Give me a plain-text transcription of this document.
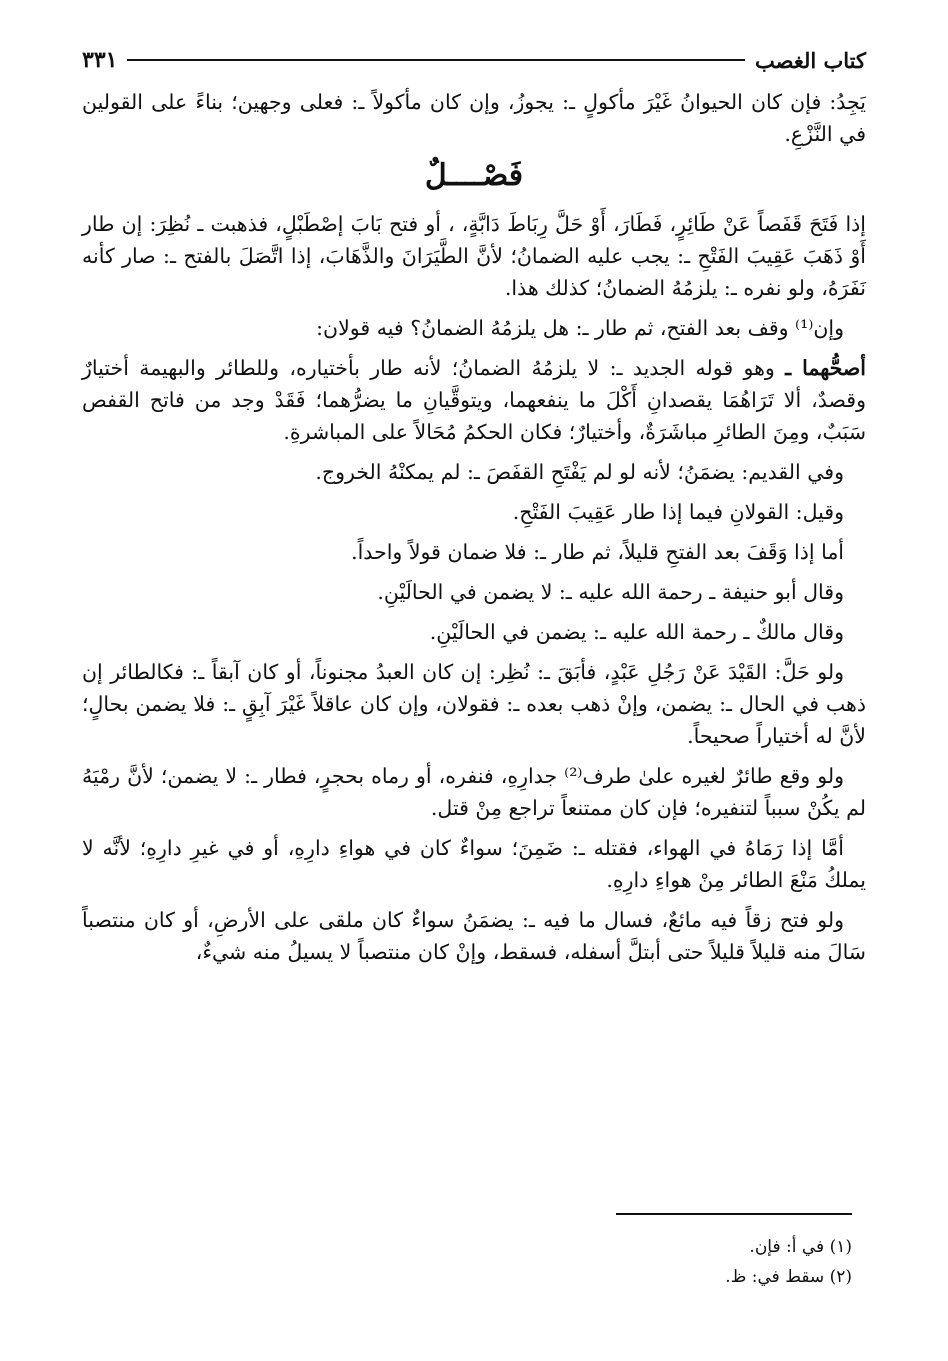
كتاب الغصب
٣٣١

يَجِدُ: فإن كان الحيوانُ غَيْرَ مأكولٍ ـ: يجوزُ، وإن كان مأكولاً ـ: فعلى وجهين؛ بناءً على القولين في النَّزْعِ.

فَصْــــلٌ

إذا فَتَحَ قَفَصاً عَنْ طَائِرٍ، فَطَارَ، أَوْ حَلَّ رِبَاطَ دَابَّةٍ، ، أو فتح بَابَ إصْطَبْلٍ، فذهبت ـ نُظِرَ: إن طار أَوْ ذَهَبَ عَقِيبَ الفَتْحِ ـ: يجب عليه الضمانُ؛ لأنَّ الطَّيَرَانَ والذَّهَابَ، إذا اتَّصَلَ بالفتح ـ: صار كأنه نَفَرَهُ، ولو نفره ـ: يلزمُهُ الضمانُ؛ كذلك هذا.

وإن⁽¹⁾ وقف بعد الفتح، ثم طار ـ: هل يلزمُهُ الضمانُ؟ فيه قولان:

أصحُّهما ـ وهو قوله الجديد ـ: لا يلزمُهُ الضمانُ؛ لأنه طار بأختياره، وللطائر والبهيمة أختيارٌ وقصدٌ، ألا تَرَاهُمَا يقصدانِ أَكْلَ ما ينفعهما، ويتوقَّيانِ ما يضرُّهما؛ فَقَدْ وجد من فاتح القفص سَبَبٌ، ومِنَ الطائرِ مباشَرَةٌ، وأختيارٌ؛ فكان الحكمُ مُحَالاً على المباشرةِ.

وفي القديم: يضمَنُ؛ لأنه لو لم يَفْتَحِ القفَصَ ـ: لم يمكنْهُ الخروج.

وقيل: القولانِ فيما إذا طار عَقِيبَ الفَتْحِ.

أما إذا وَقَفَ بعد الفتحِ قليلاً، ثم طار ـ: فلا ضمان قولاً واحداً.

وقال أبو حنيفة ـ رحمة الله عليه ـ: لا يضمن في الحالَيْنِ.

وقال مالكٌ ـ رحمة الله عليه ـ: يضمن في الحالَيْنِ.

ولو حَلَّ: القَيْدَ عَنْ رَجُلِ عَبْدٍ، فأبَقَ ـ: نُظِر: إن كان العبدُ مجنوناً، أو كان آبقاً ـ: فكالطائر إن ذهب في الحال ـ: يضمن، وإنْ ذهب بعده ـ: فقولان، وإن كان عاقلاً غَيْرَ آبِقٍ ـ: فلا يضمن بحالٍ؛ لأنَّ له أختياراً صحيحاً.

ولو وقع طائرٌ لغيره علىٰ طرف⁽²⁾ جدارِهِ، فنفره، أو رماه بحجرٍ، فطار ـ: لا يضمن؛ لأنَّ رمْيَهُ لم يكُنْ سبباً لتنفيره؛ فإن كان ممتنعاً تراجع مِنْ قتل.

أمَّا إذا رَمَاهُ في الهواء، فقتله ـ: ضَمِنَ؛ سواءٌ كان في هواءِ دارِهِ، أو في غيرِ دارِهِ؛ لأنَّه لا يملكُ مَنْعَ الطائر مِنْ هواءِ دارِهِ.

ولو فتح زقاً فيه مائعٌ، فسال ما فيه ـ: يضمَنُ سواءٌ كان ملقى على الأرضِ، أو كان منتصباً سَالَ منه قليلاً قليلاً حتى أبتلَّ أسفله، فسقط، وإنْ كان منتصباً لا يسيلُ منه شيءٌ،

(١) في أ: فإن.
(٢) سقط في: ظ.
